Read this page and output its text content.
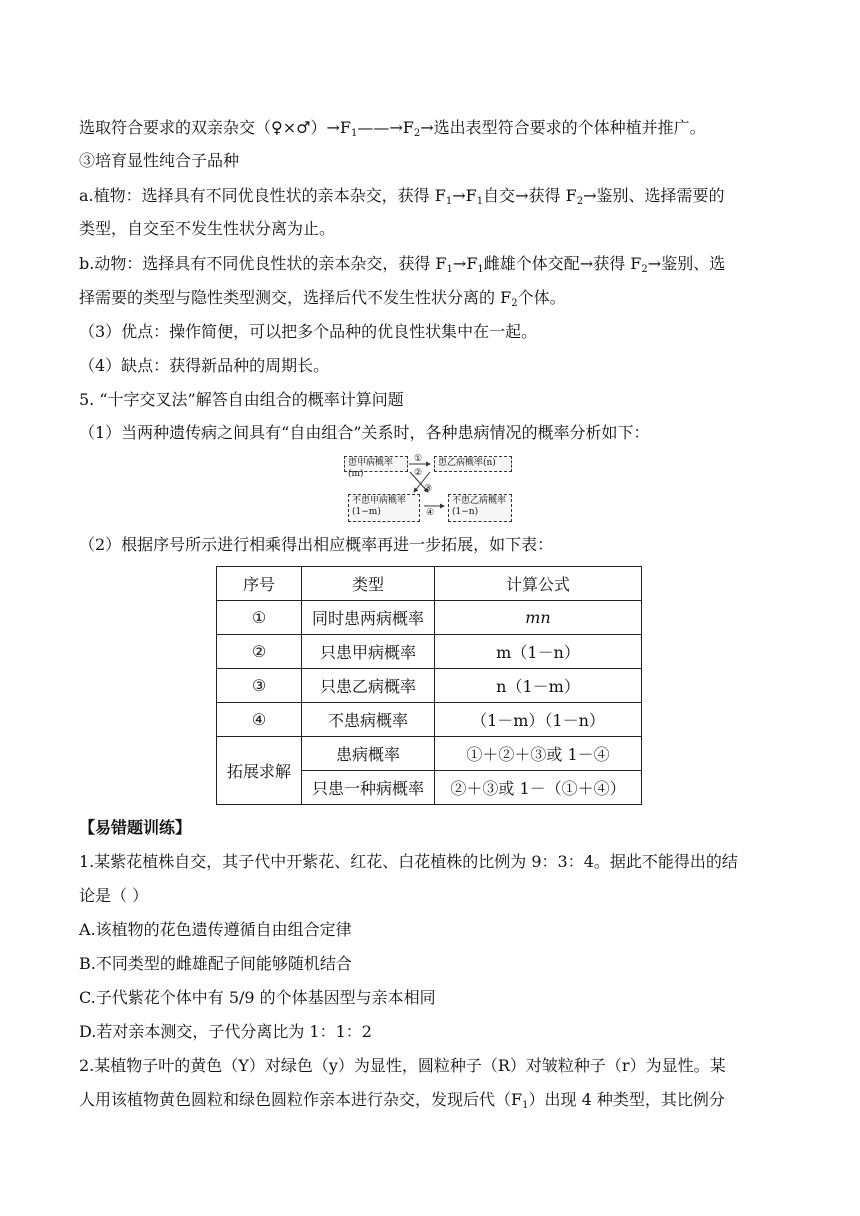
选取符合要求的双亲杂交$(♀\times♂)\to F_1——\to F_2\to$选出表型符合要求的个体种植并推广。
③培育显性纯合子品种
a.植物：选择具有不同优良性状的亲本杂交，获得 $F_1\to F_1$自交→获得 $F_2\to$鉴别、选择需要的
类型，自交至不发生性状分离为止。
b.动物：选择具有不同优良性状的亲本杂交，获得 $F_1\to F_1$雌雄个体交配→获得 $F_2\to$鉴别、选
择需要的类型与隐性类型测交，选择后代不发生性状分离的 $F_2$个体。
（3）优点：操作简便，可以把多个品种的优良性状集中在一起。
（4）缺点：获得新品种的周期长。
5. “十字交叉法”解答自由组合的概率计算问题
（1）当两种遗传病之间具有“自由组合”关系时，各种患病情况的概率分析如下：
患甲病概率(m)
患乙病概率(n)
不患甲病概率
(1−m)
不患乙病概率
(1−n)
①
②
③
④
（2）根据序号所示进行相乘得出相应概率再进一步拓展，如下表：
序号	类型	计算公式
①	同时患两病概率	mn
②	只患甲病概率	m（1－n）
③	只患乙病概率	n（1－m）
④	不患病概率	（1－m）（1－n）
拓展求解	患病概率	①＋②＋③或 1－④
	只患一种病概率	②＋③或 1－（①＋④）
【易错题训练】
1.某紫花植株自交，其子代中开紫花、红花、白花植株的比例为 9：3：4。据此不能得出的结
论是（ ）
A.该植物的花色遗传遵循自由组合定律
B.不同类型的雌雄配子间能够随机结合
C.子代紫花个体中有 5/9 的个体基因型与亲本相同
D.若对亲本测交，子代分离比为 1：1：2
2.某植物子叶的黄色（Y）对绿色（y）为显性，圆粒种子（R）对皱粒种子（r）为显性。某
人用该植物黄色圆粒和绿色圆粒作亲本进行杂交，发现后代$(F_1)$出现 4 种类型，其比例分
